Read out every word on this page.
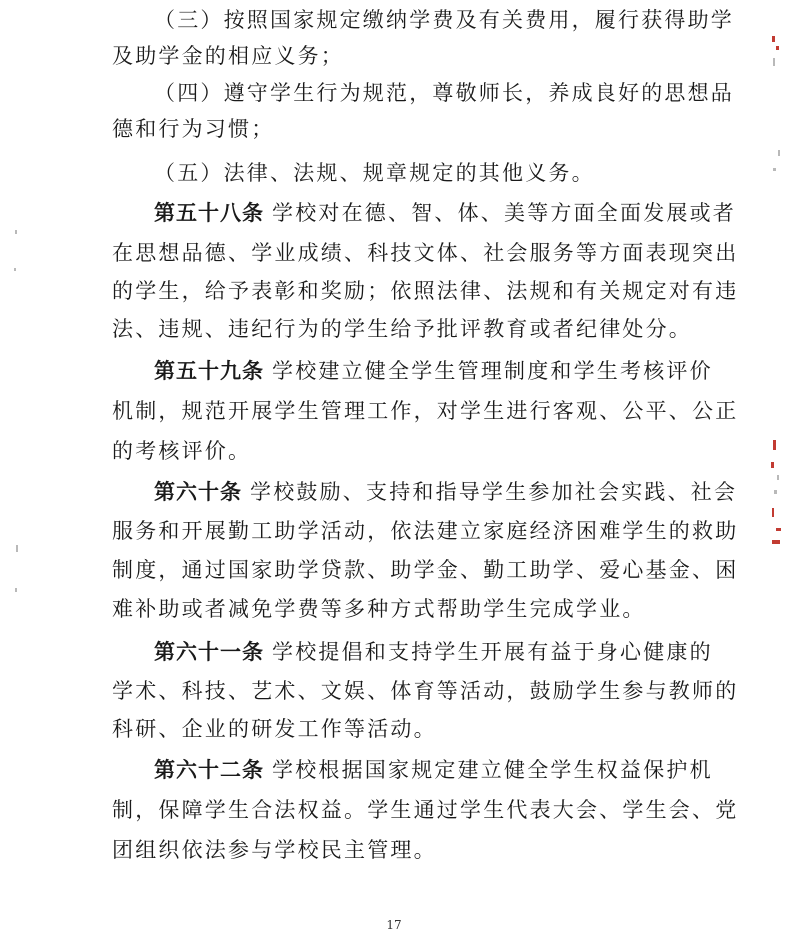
（三）按照国家规定缴纳学费及有关费用，履行获得助学
及助学金的相应义务；
（四）遵守学生行为规范，尊敬师长，养成良好的思想品
德和行为习惯；
（五）法律、法规、规章规定的其他义务。
第五十八条 学校对在德、智、体、美等方面全面发展或者
在思想品德、学业成绩、科技文体、社会服务等方面表现突出
的学生，给予表彰和奖励；依照法律、法规和有关规定对有违
法、违规、违纪行为的学生给予批评教育或者纪律处分。
第五十九条 学校建立健全学生管理制度和学生考核评价
机制，规范开展学生管理工作，对学生进行客观、公平、公正
的考核评价。
第六十条 学校鼓励、支持和指导学生参加社会实践、社会
服务和开展勤工助学活动，依法建立家庭经济困难学生的救助
制度，通过国家助学贷款、助学金、勤工助学、爱心基金、困
难补助或者减免学费等多种方式帮助学生完成学业。
第六十一条 学校提倡和支持学生开展有益于身心健康的
学术、科技、艺术、文娱、体育等活动，鼓励学生参与教师的
科研、企业的研发工作等活动。
第六十二条 学校根据国家规定建立健全学生权益保护机
制，保障学生合法权益。学生通过学生代表大会、学生会、党
团组织依法参与学校民主管理。
17
